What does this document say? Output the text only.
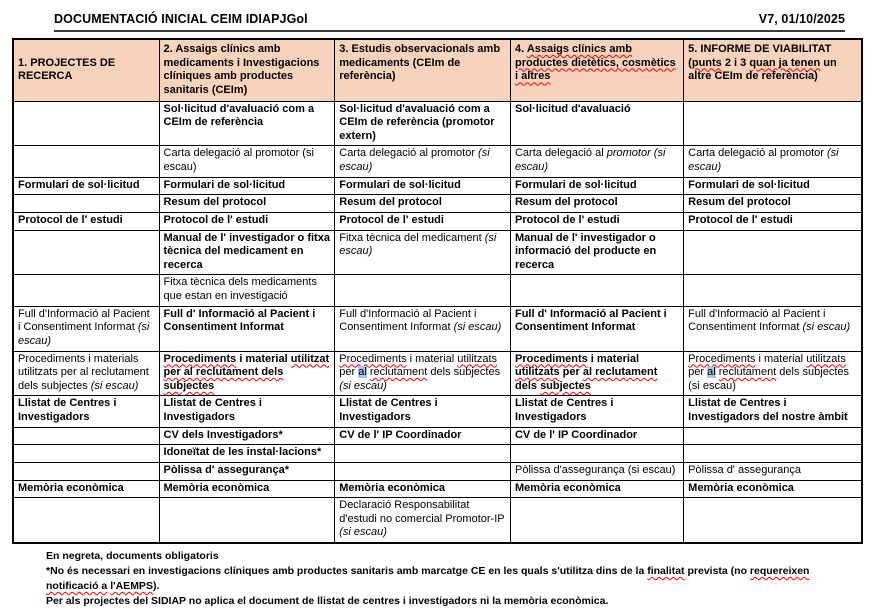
DOCUMENTACIÓ INICIAL CEIM IDIAPJGol	V7, 01/10/2025
1. PROJECTES DE RECERCA	2. Assaigs clínics amb medicaments i Investigacions clíniques amb productes sanitaris (CEIm)	3. Estudis observacionals amb medicaments (CEIm de referència)	4. Assaigs clínics amb productes dietètics, cosmètics i altres	5. INFORME DE VIABILITAT (punts 2 i 3 quan ja tenen un altre CEIm de referència)
	Sol·licitud d'avaluació com a CEIm de referència	Sol·licitud d'avaluació com a CEIm de referència (promotor extern)	Sol·licitud d'avaluació	
	Carta delegació al promotor (si escau)	Carta delegació al promotor (si escau)	Carta delegació al promotor (si escau)	Carta delegació al promotor (si escau)
Formulari de sol·licitud	Formulari de sol·licitud	Formulari de sol·licitud	Formulari de sol·licitud	Formulari de sol·licitud
	Resum del protocol	Resum del protocol	Resum del protocol	Resum del protocol
Protocol de l' estudi	Protocol de l' estudi	Protocol de l' estudi	Protocol de l' estudi	Protocol de l' estudi
	Manual de l' investigador o fitxa tècnica del medicament en recerca	Fitxa tècnica del medicament (si escau)	Manual de l' investigador o informació del producte en recerca	
	Fitxa tècnica dels medicaments que estan en investigació			
Full d'Informació al Pacient i Consentiment Informat (si escau)	Full d' Informació al Pacient i Consentiment Informat	Full d'Informació al Pacient i Consentiment Informat (si escau)	Full d' Informació al Pacient i Consentiment Informat	Full d'Informació al Pacient i Consentiment Informat (si escau)
Procediments i materials utilitzats per al reclutament dels subjectes (si escau)	Procediments i material utilitzat per al reclutament dels subjectes	Procediments i material utilitzats per al reclutament dels subjectes (si escau)	Procediments i material utilitzats per al reclutament dels subjectes	Procediments i material utilitzats per al reclutament dels subjectes (si escau)
Llistat de Centres i Investigadors	Llistat de Centres i Investigadors	Llistat de Centres i Investigadors	Llistat de Centres i Investigadors	Llistat de Centres i Investigadors del nostre àmbit
	CV dels Investigadors*	CV de l' IP Coordinador	CV de l' IP Coordinador	
	Idoneïtat de les instal·lacions*			
	Pòlissa d' assegurança*		Pòlissa d'assegurança (si escau)	Pòlissa d' assegurança
Memòria econòmica	Memòria econòmica	Memòria econòmica	Memòria econòmica	Memòria econòmica
		Declaració Responsabilitat d'estudi no comercial Promotor-IP (si escau)		
En negreta, documents obligatoris
*No és necessari en investigacions clíniques amb productes sanitaris amb marcatge CE en les quals s'utilitza dins de la finalitat prevista (no requereixen notificació a l'AEMPS).
Per als projectes del SIDIAP no aplica el document de llistat de centres i investigadors ni la memòria econòmica.
